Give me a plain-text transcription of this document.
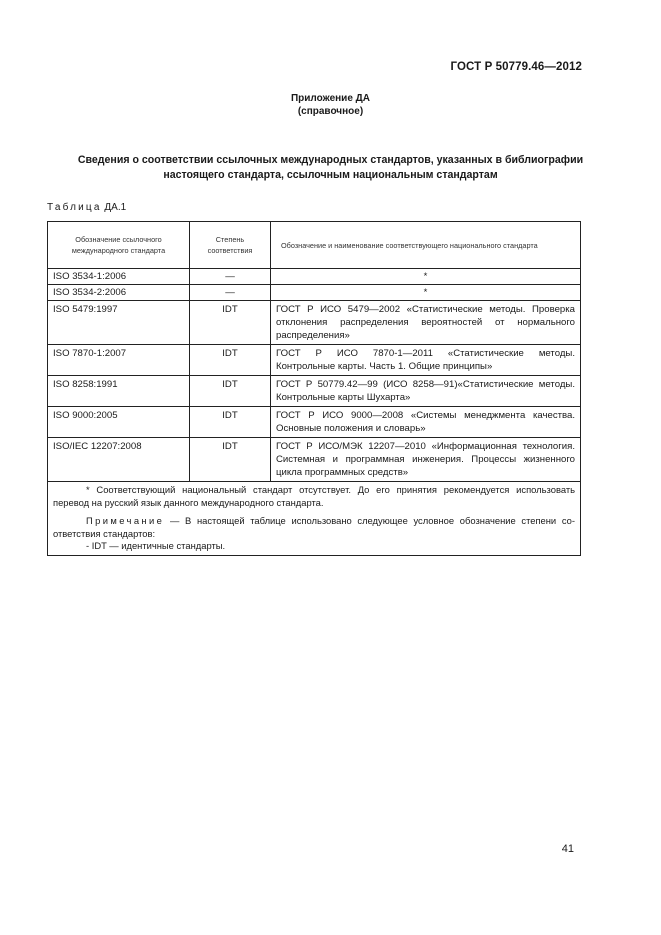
ГОСТ Р 50779.46—2012
Приложение ДА
(справочное)
Сведения о соответствии ссылочных международных стандартов, указанных в библиографии
настоящего стандарта, ссылочным национальным стандартам
Таблица ДА.1
Обозначение ссылочного международного стандарта	Степень соответствия	Обозначение и наименование соответствующего национального стандарта
ISO 3534-1:2006	—	*
ISO 3534-2:2006	—	*
ISO 5479:1997	IDT	ГОСТ Р ИСО 5479—2002 «Статистические методы. Проверка отклонения распределения вероятностей от нормального распределения»
ISO 7870-1:2007	IDT	ГОСТ Р ИСО 7870-1—2011 «Статистические методы. Контрольные карты. Часть 1. Общие принципы»
ISO 8258:1991	IDT	ГОСТ Р 50779.42—99 (ИСО 8258—91)«Статистические методы. Контрольные карты Шухарта»
ISO 9000:2005	IDT	ГОСТ Р ИСО 9000—2008 «Системы менеджмента качества. Основные положения и словарь»
ISO/IEC 12207:2008	IDT	ГОСТ Р ИСО/МЭК 12207—2010 «Информационная технология. Системная и программная инженерия. Процессы жизненного цикла программных средств»

* Соответствующий национальный стандарт отсутствует. До его принятия рекомендуется использовать перевод на русский язык данного международного стандарта.

Примечание — В настоящей таблице использовано следующее условное обозначение степени соответствия стандартов:

- IDT — идентичные стандарты.		

41
